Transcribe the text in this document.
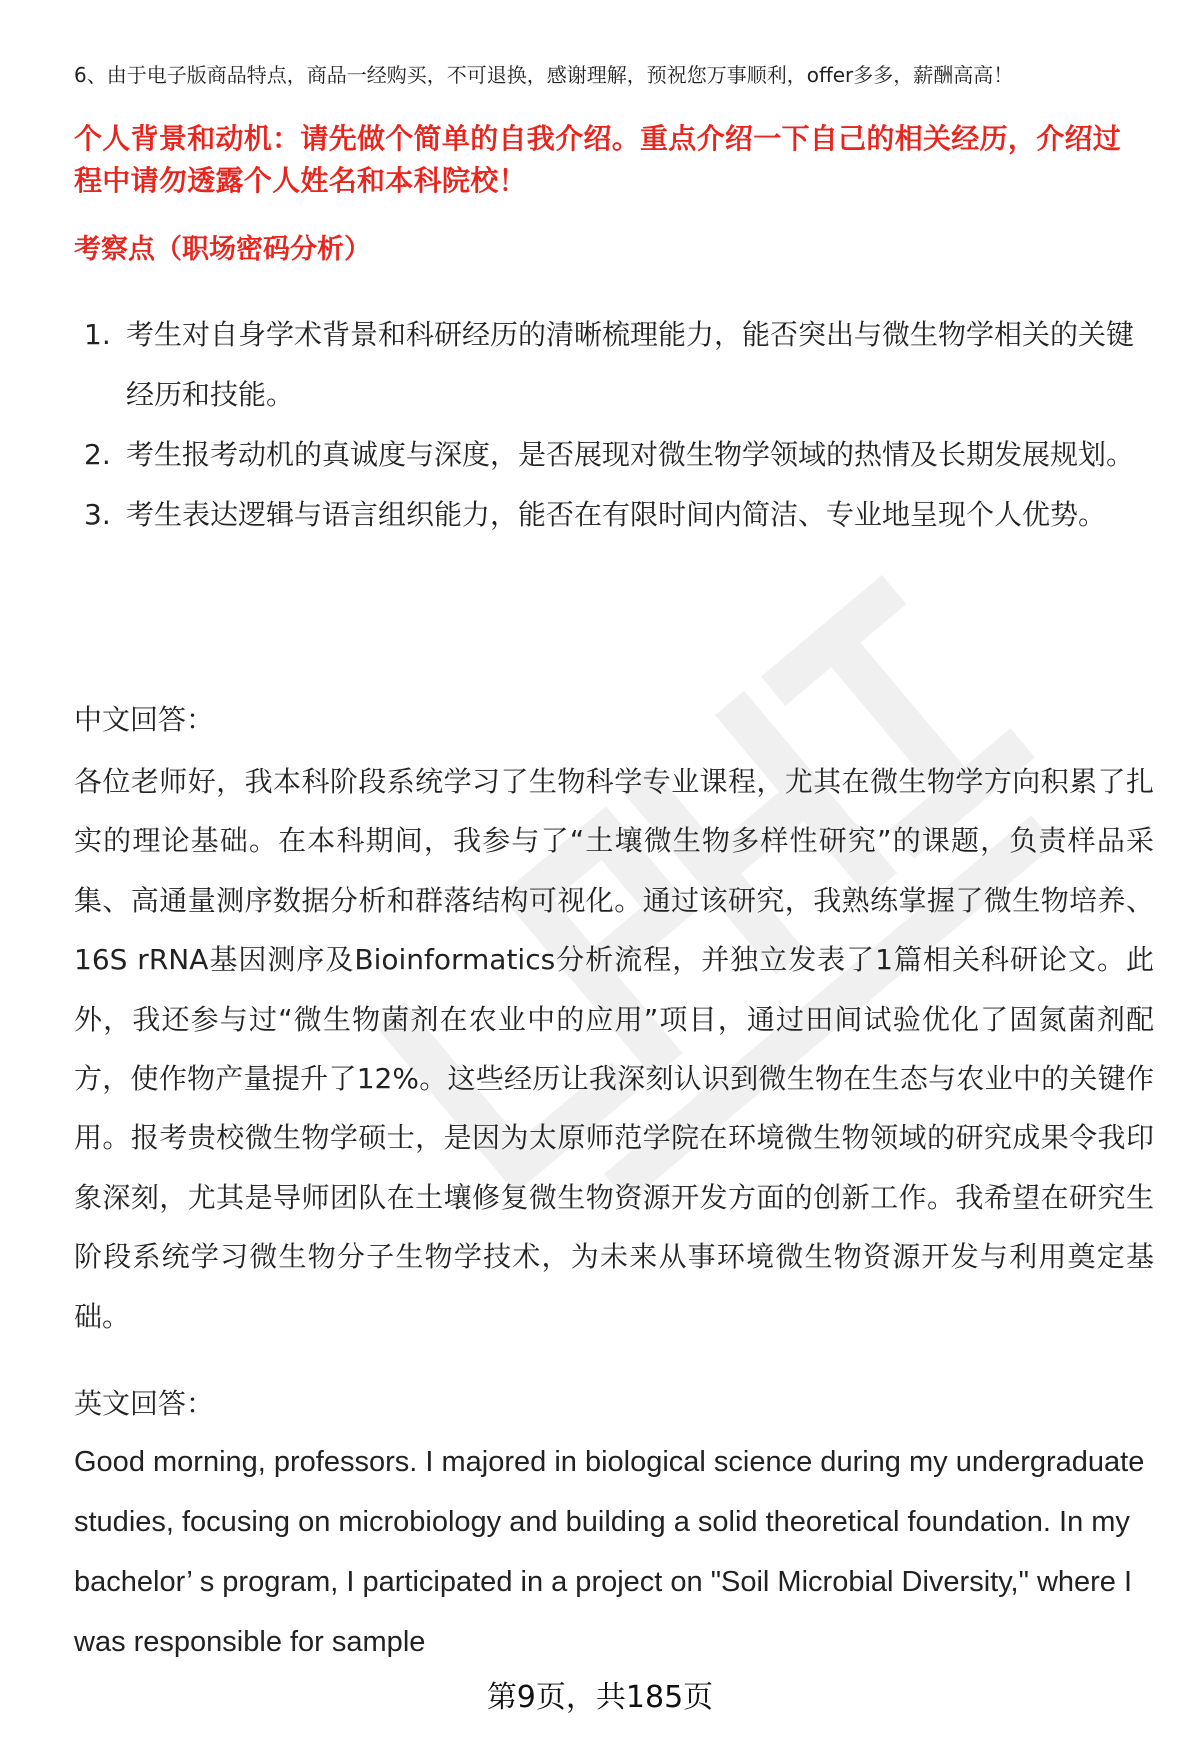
6、由于电子版商品特点，商品一经购买，不可退换，感谢理解，预祝您万事顺利，offer多多，薪酬高高！
个人背景和动机：请先做个简单的自我介绍。重点介绍一下自己的相关经历，介绍过程中请勿透露个人姓名和本科院校！
考察点（职场密码分析）
1. 考生对自身学术背景和科研经历的清晰梳理能力，能否突出与微生物学相关的关键经历和技能。
2. 考生报考动机的真诚度与深度，是否展现对微生物学领域的热情及长期发展规划。
3. 考生表达逻辑与语言组织能力，能否在有限时间内简洁、专业地呈现个人优势。
中文回答：
各位老师好，我本科阶段系统学习了生物科学专业课程，尤其在微生物学方向积累了扎实的理论基础。在本科期间，我参与了“土壤微生物多样性研究”的课题，负责样品采集、高通量测序数据分析和群落结构可视化。通过该研究，我熟练掌握了微生物培养、16S rRNA基因测序及Bioinformatics分析流程，并独立发表了1篇相关科研论文。此外，我还参与过“微生物菌剂在农业中的应用”项目，通过田间试验优化了固氮菌剂配方，使作物产量提升了12%。这些经历让我深刻认识到微生物在生态与农业中的关键作用。报考贵校微生物学硕士，是因为太原师范学院在环境微生物领域的研究成果令我印象深刻，尤其是导师团队在土壤修复微生物资源开发方面的创新工作。我希望在研究生阶段系统学习微生物分子生物学技术，为未来从事环境微生物资源开发与利用奠定基础。
英文回答：
Good morning, professors. I majored in biological science during my undergraduate studies, focusing on microbiology and building a solid theoretical foundation. In my bachelor’ s program, I participated in a project on "Soil Microbial Diversity," where I was responsible for sample
第9页，共185页
